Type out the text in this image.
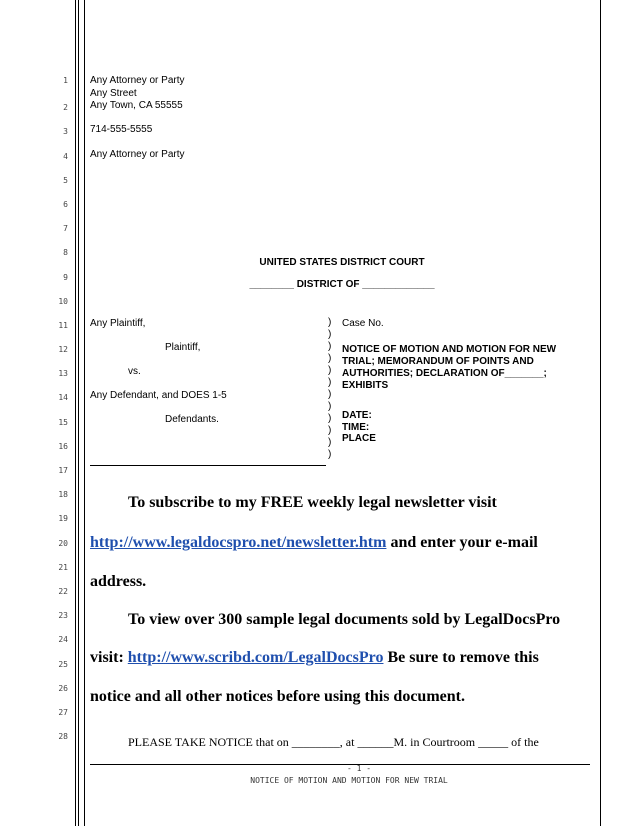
1
2
3
4
5
6
7
8
9
10
11
12
13
14
15
16
17
18
19
20
21
22
23
24
25
26
27
28
Any Attorney or Party
Any Street
Any Town, CA 55555
714-555-5555
Any Attorney or Party
UNITED STATES DISTRICT COURT
________ DISTRICT OF _____________
Any Plaintiff,
Plaintiff,
vs.
Any Defendant, and DOES 1-5
Defendants.
)
)
)
)
)
)
)
)
)
)
)
)
Case No.
NOTICE OF MOTION AND MOTION FOR NEW TRIAL; MEMORANDUM OF POINTS AND AUTHORITIES; DECLARATION OF_______; EXHIBITS
DATE:
TIME:
PLACE
To subscribe to my FREE weekly legal newsletter visit
http://www.legaldocspro.net/newsletter.htm and enter your e-mail
address.
To view over 300 sample legal documents sold by LegalDocsPro
visit: http://www.scribd.com/LegalDocsPro Be sure to remove this
notice and all other notices before using this document.
PLEASE TAKE NOTICE that on ________, at ______M. in Courtroom _____ of the
- 1 -
NOTICE OF MOTION AND MOTION FOR NEW TRIAL
